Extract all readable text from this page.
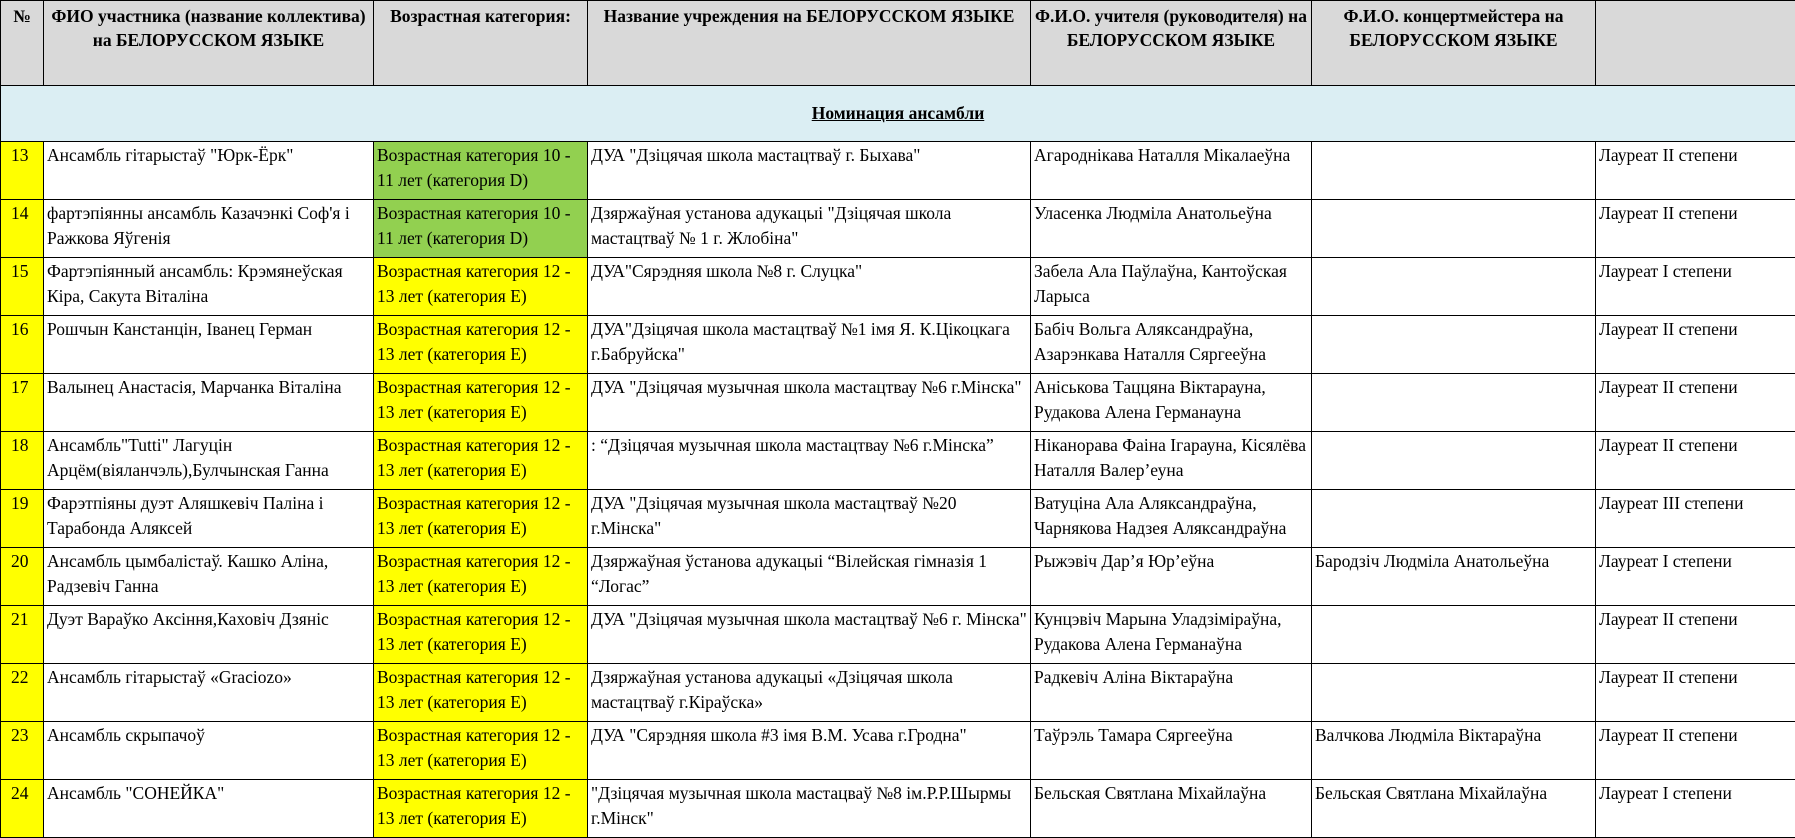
№	ФИО участника (название коллектива) на БЕЛОРУССКОМ ЯЗЫКЕ	Возрастная категория:	Название учреждения на БЕЛОРУССКОМ ЯЗЫКЕ	Ф.И.О. учителя (руководителя) на БЕЛОРУССКОМ ЯЗЫКЕ	Ф.И.О. концертмейстера на БЕЛОРУССКОМ ЯЗЫКЕ	
Номинация ансамбли						
13	Ансамбль гітарыстаў "Юрк-Ёрк"	Возрастная категория 10 - 11 лет (категория D)	ДУА "Дзіцячая школа мастацтваў г. Быхава"	Агароднікава Наталля Мікалаеўна		Лауреат II степени
14	фартэпіянны ансамбль Казачэнкі Соф'я і Ражкова Яўгенія	Возрастная категория 10 - 11 лет (категория D)	Дзяржаўная установа адукацыі "Дзіцячая школа мастацтваў № 1 г. Жлобіна"	Уласенка Людміла Анатольеўна		Лауреат II степени
15	Фартэпіянный ансамбль: Крэмянеўская Кіра, Сакута Віталіна	Возрастная категория 12 - 13 лет (категория E)	ДУА"Сярэдняя школа №8 г. Слуцка"	Забела Ала Паўлаўна, Кантоўская Ларыса		Лауреат I степени
16	Рошчын Канстанцін, Іванец Герман	Возрастная категория 12 - 13 лет (категория E)	ДУА"Дзіцячая школа мастацтваў №1 імя Я. К.Цікоцкага г.Бабруйска"	Бабіч Вольга Аляксандраўна, Азарэнкава Наталля Сяргееўна		Лауреат II степени
17	Валынец Анастасія, Марчанка Віталіна	Возрастная категория 12 - 13 лет (категория E)	ДУА "Дзіцячая музычная школа мастацтвау №6 г.Мінска"	Аніськова Таццяна Віктарауна, Рудакова Алена Германауна		Лауреат II степени
18	Ансамбль"Tutti" Лагуцін Арцём(віяланчэль),Булчынская Ганна	Возрастная категория 12 - 13 лет (категория E)	: “Дзіцячая музычная школа мастацтвау №6 г.Мінска”	Ніканорава Фаіна Ігарауна, Кісялёва Наталля Валер’еуна		Лауреат II степени
19	Фарэтпіяны дуэт Аляшкевіч Паліна і Тарабонда Аляксей	Возрастная категория 12 - 13 лет (категория E)	ДУА "Дзіцячая музычная школа мастацтваў №20 г.Мінска"	Ватуціна Ала Аляксандраўна, Чарнякова Надзея Аляксандраўна		Лауреат III степени
20	Ансамбль цымбалістаў. Кашко Аліна, Радзевіч Ганна	Возрастная категория 12 - 13 лет (категория E)	Дзяржаўная ўстанова адукацыі “Вілейская гімназія 1 “Логас”	Рыжэвіч Дар’я Юр’еўна	Бародзіч Людміла Анатольеўна	Лауреат I степени
21	Дуэт Вараўко Аксіння,Каховіч Дзяніс	Возрастная категория 12 - 13 лет (категория E)	ДУА "Дзіцячая музычная школа мастацтваў №6 г. Мінска"	Кунцэвіч Марына Уладзіміраўна, Рудакова Алена Германаўна		Лауреат II степени
22	Ансамбль гітарыстаў «Gracіozo»	Возрастная категория 12 - 13 лет (категория E)	Дзяржаўная установа адукацыі «Дзіцячая школа мастацтваў г.Кіраўска»	Радкевіч Аліна Віктараўна		Лауреат II степени
23	Ансамбль скрыпачоў	Возрастная категория 12 - 13 лет (категория E)	ДУА "Сярэдняя школа #3 імя В.М. Усава г.Гродна"	Таўрэль Тамара Сяргееўна	Валчкова Людміла Віктараўна	Лауреат II степени
24	Ансамбль "СОНЕЙКА"	Возрастная категория 12 - 13 лет (категория E)	"Дзіцячая музычная школа мастацваў №8 ім.Р.Р.Шырмы г.Мінск"	Бельская Святлана Міхайлаўна	Бельская Святлана Міхайлаўна	Лауреат I степени
